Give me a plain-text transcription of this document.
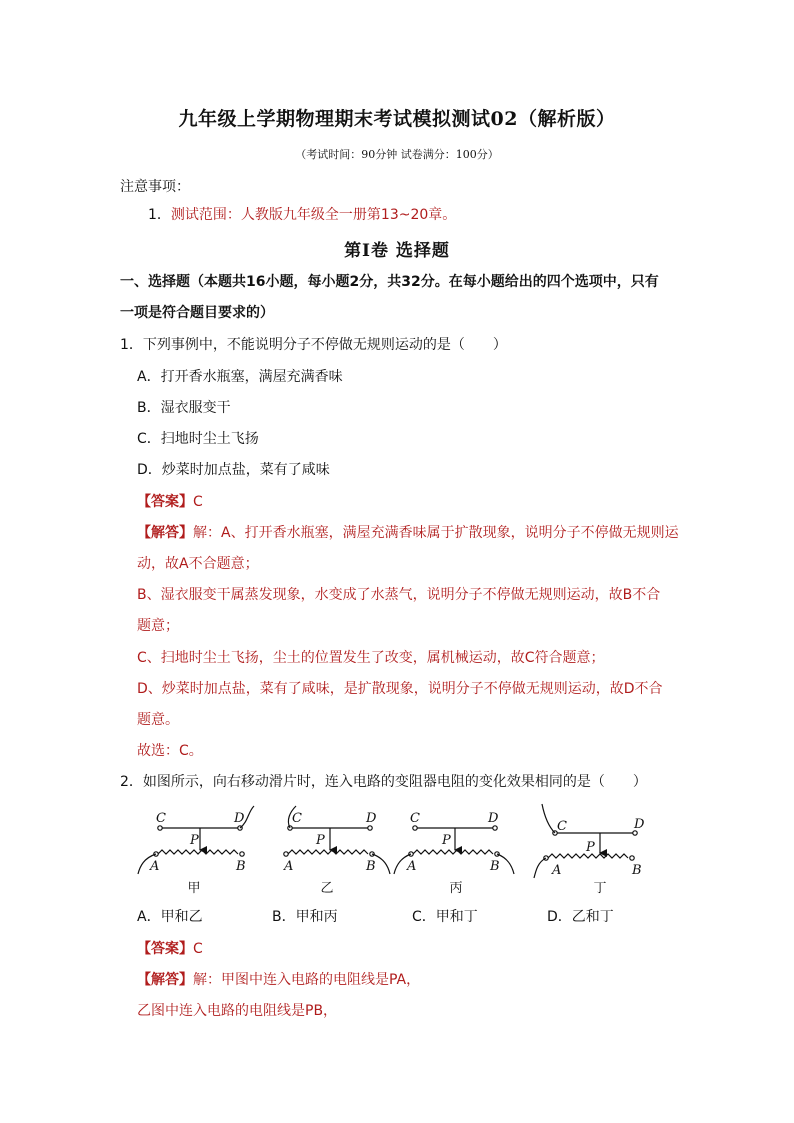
九年级上学期物理期末考试模拟测试02（解析版）
（考试时间：90分钟 试卷满分：100分）
注意事项：
1．测试范围：人教版九年级全一册第13~20章。
第Ⅰ卷 选择题
一、选择题（本题共16小题，每小题2分，共32分。在每小题给出的四个选项中，只有
一项是符合题目要求的）
1．下列事例中，不能说明分子不停做无规则运动的是（　　）
A．打开香水瓶塞，满屋充满香味
B．湿衣服变干
C．扫地时尘土飞扬
D．炒菜时加点盐，菜有了咸味
【答案】C
【解答】解：A、打开香水瓶塞，满屋充满香味属于扩散现象，说明分子不停做无规则运
动，故A不合题意；
B、湿衣服变干属蒸发现象，水变成了水蒸气，说明分子不停做无规则运动，故B不合
题意；
C、扫地时尘土飞扬，尘土的位置发生了改变，属机械运动，故C符合题意；
D、炒菜时加点盐，菜有了咸味，是扩散现象，说明分子不停做无规则运动，故D不合
题意。
故选：C。
2．如图所示，向右移动滑片时，连入电路的变阻器电阻的变化效果相同的是（　　）
C	D
P
A	B
C	D
P
A	B
C	D
P
A	B
C	D
P
A	B
甲	乙	丙	丁
A．甲和乙	B．甲和丙	C．甲和丁	D．乙和丁
【答案】C
【解答】解：甲图中连入电路的电阻线是PA，
乙图中连入电路的电阻线是PB，
